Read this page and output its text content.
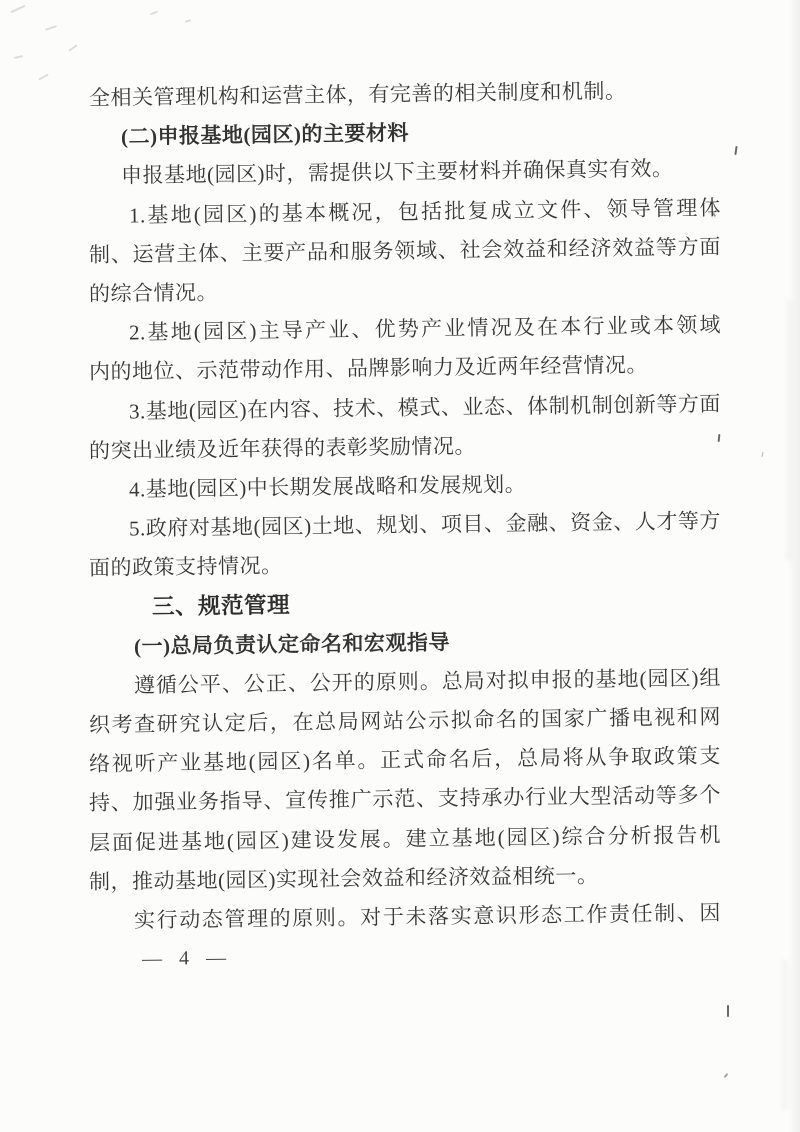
全相关管理机构和运营主体，有完善的相关制度和机制。
(二)申报基地(园区)的主要材料
申报基地(园区)时，需提供以下主要材料并确保真实有效。
1.基地(园区)的基本概况，包括批复成立文件、领导管理体
制、运营主体、主要产品和服务领域、社会效益和经济效益等方面
的综合情况。
2.基地(园区)主导产业、优势产业情况及在本行业或本领域
内的地位、示范带动作用、品牌影响力及近两年经营情况。
3.基地(园区)在内容、技术、模式、业态、体制机制创新等方面
的突出业绩及近年获得的表彰奖励情况。
4.基地(园区)中长期发展战略和发展规划。
5.政府对基地(园区)土地、规划、项目、金融、资金、人才等方
面的政策支持情况。
三、规范管理
(一)总局负责认定命名和宏观指导
遵循公平、公正、公开的原则。总局对拟申报的基地(园区)组
织考查研究认定后，在总局网站公示拟命名的国家广播电视和网
络视听产业基地(园区)名单。正式命名后，总局将从争取政策支
持、加强业务指导、宣传推广示范、支持承办行业大型活动等多个
层面促进基地(园区)建设发展。建立基地(园区)综合分析报告机
制，推动基地(园区)实现社会效益和经济效益相统一。
实行动态管理的原则。对于未落实意识形态工作责任制、因
— 4 —
